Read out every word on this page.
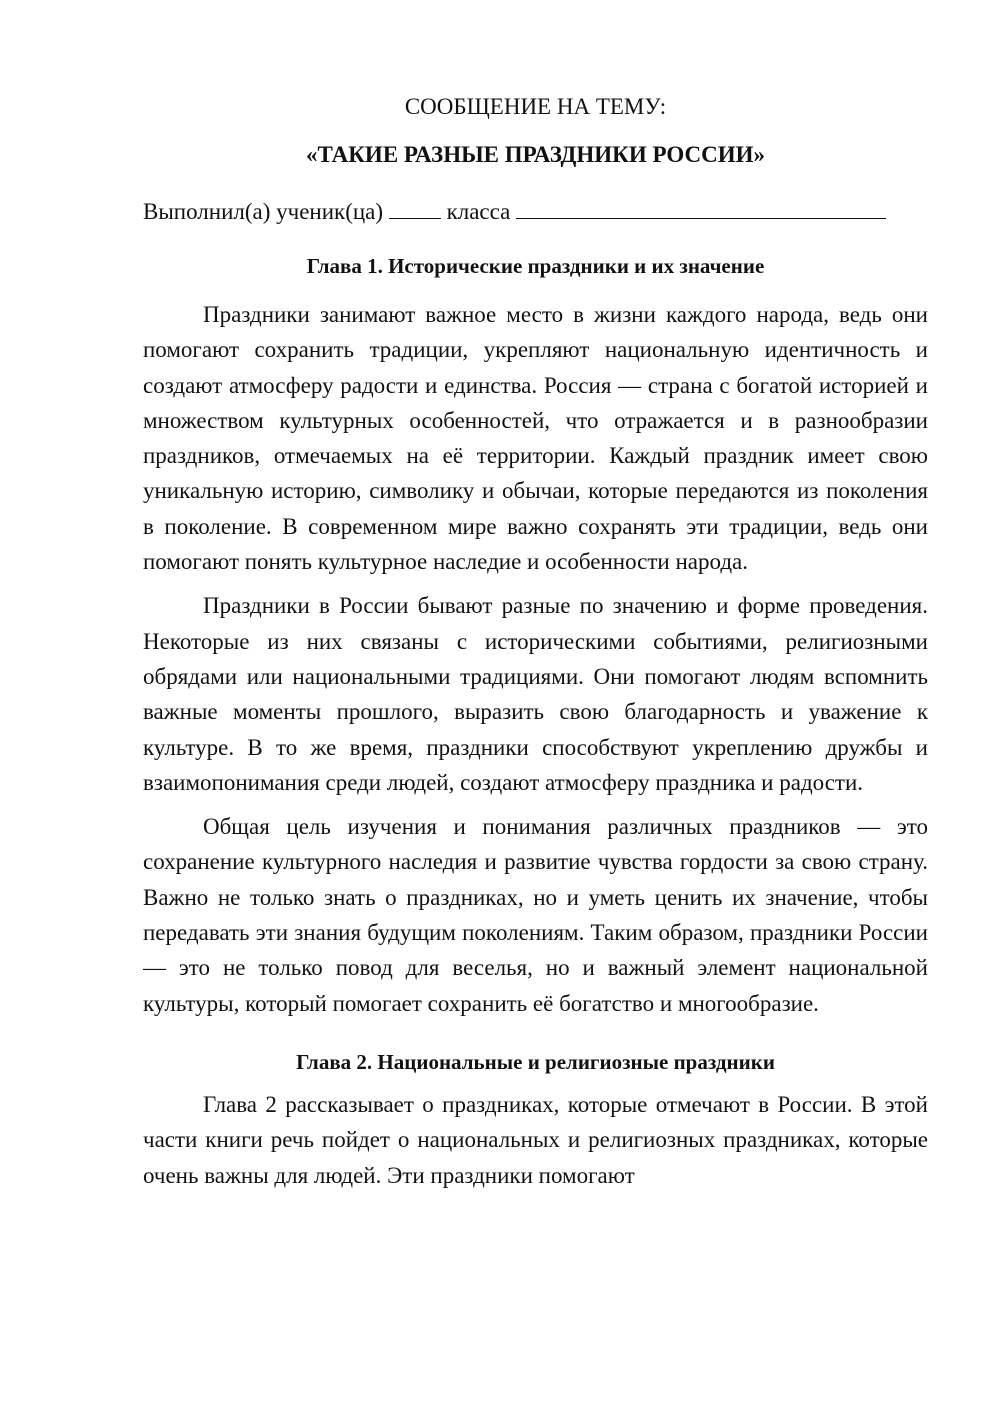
СООБЩЕНИЕ НА ТЕМУ:

«ТАКИЕ РАЗНЫЕ ПРАЗДНИКИ РОССИИ»

Выполнил(а) ученик(ца)	класса
Глава 1. Исторические праздники и их значение

Праздники занимают важное место в жизни каждого народа, ведь они помогают сохранить традиции, укрепляют национальную идентичность и создают атмосферу радости и единства. Россия — страна с богатой историей и множеством культурных особенностей, что отражается и в разнообразии праздников, отмечаемых на её территории. Каждый праздник имеет свою уникальную историю, символику и обычаи, которые передаются из поколения в поколение. В современном мире важно сохранять эти традиции, ведь они помогают понять культурное наследие и особенности народа.

Праздники в России бывают разные по значению и форме проведения. Некоторые из них связаны с историческими событиями, религиозными обрядами или национальными традициями. Они помогают людям вспомнить важные моменты прошлого, выразить свою благодарность и уважение к культуре. В то же время, праздники способствуют укреплению дружбы и взаимопонимания среди людей, создают атмосферу праздника и радости.

Общая цель изучения и понимания различных праздников — это сохранение культурного наследия и развитие чувства гордости за свою страну. Важно не только знать о праздниках, но и уметь ценить их значение, чтобы передавать эти знания будущим поколениям. Таким образом, праздники России — это не только повод для веселья, но и важный элемент национальной культуры, который помогает сохранить её богатство и многообразие.

Глава 2. Национальные и религиозные праздники

Глава 2 рассказывает о праздниках, которые отмечают в России. В этой части книги речь пойдет о национальных и религиозных праздниках, которые очень важны для людей. Эти праздники помогают
